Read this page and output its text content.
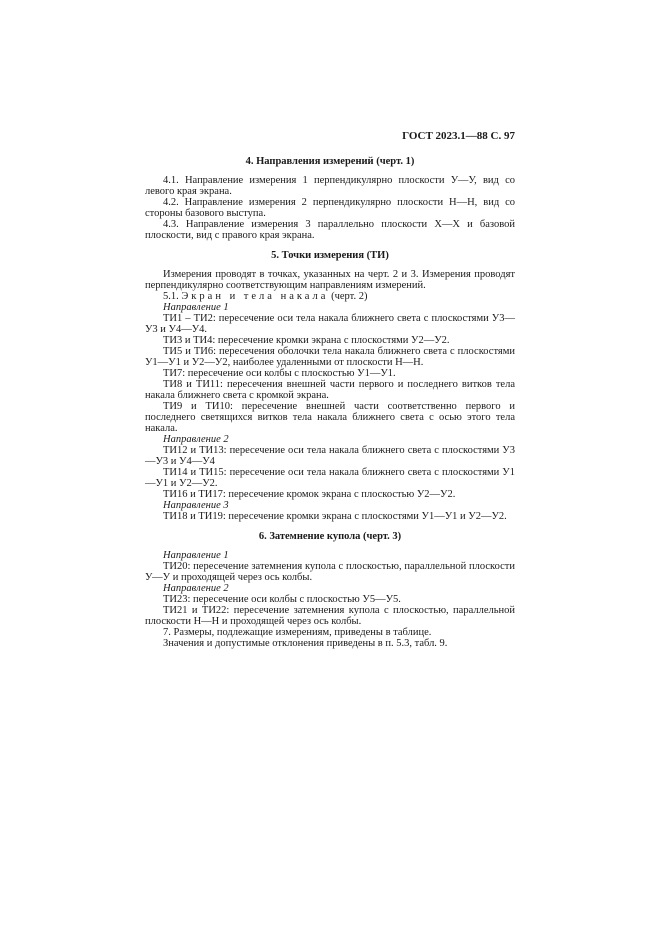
ГОСТ 2023.1—88 С. 97
4. Направления измерений (черт. 1)

4.1. Направление измерения 1 перпендикулярно плоскости У—У, вид со левого края экрана.

4.2. Направление измерения 2 перпендикулярно плоскости Н—Н, вид со стороны базового выступа.

4.3. Направление измерения 3 параллельно плоскости Х—Х и базовой плоскости, вид с правого края экрана.

5. Точки измерения (ТИ)

Измерения проводят в точках, указанных на черт. 2 и 3. Измерения проводят перпендикулярно соответствующим направлениям измерений.

5.1. Экран и тела накала (черт. 2)

Направление 1

ТИ1 – ТИ2: пересечение оси тела накала ближнего света с плоскостями У3—У3 и У4—У4.

ТИ3 и ТИ4: пересечение кромки экрана с плоскостями У2—У2.

ТИ5 и ТИ6: пересечения оболочки тела накала ближнего света с плоскостями У1—У1 и У2—У2, наиболее удаленными от плоскости Н—Н.

ТИ7: пересечение оси колбы с плоскостью У1—У1.

ТИ8 и ТИ11: пересечения внешней части первого и последнего витков тела накала ближнего света с кромкой экрана.

ТИ9 и ТИ10: пересечение внешней части соответственно первого и последнего светящихся витков тела накала ближнего света с осью этого тела накала.

Направление 2

ТИ12 и ТИ13: пересечение оси тела накала ближнего света с плоскостями У3—У3 и У4—У4

ТИ14 и ТИ15: пересечение оси тела накала ближнего света с плоскостями У1—У1 и У2—У2.

ТИ16 и ТИ17: пересечение кромок экрана с плоскостью У2—У2.

Направление 3

ТИ18 и ТИ19: пересечение кромки экрана с плоскостями У1—У1 и У2—У2.

6. Затемнение купола (черт. 3)

Направление 1

ТИ20: пересечение затемнения купола с плоскостью, параллельной плоскости У—У и проходящей через ось колбы.

Направление 2

ТИ23: пересечение оси колбы с плоскостью У5—У5.

ТИ21 и ТИ22: пересечение затемнения купола с плоскостью, параллельной плоскости Н—Н и проходящей через ось колбы.

7. Размеры, подлежащие измерениям, приведены в таблице.

Значения и допустимые отклонения приведены в п. 5.3, табл. 9.
